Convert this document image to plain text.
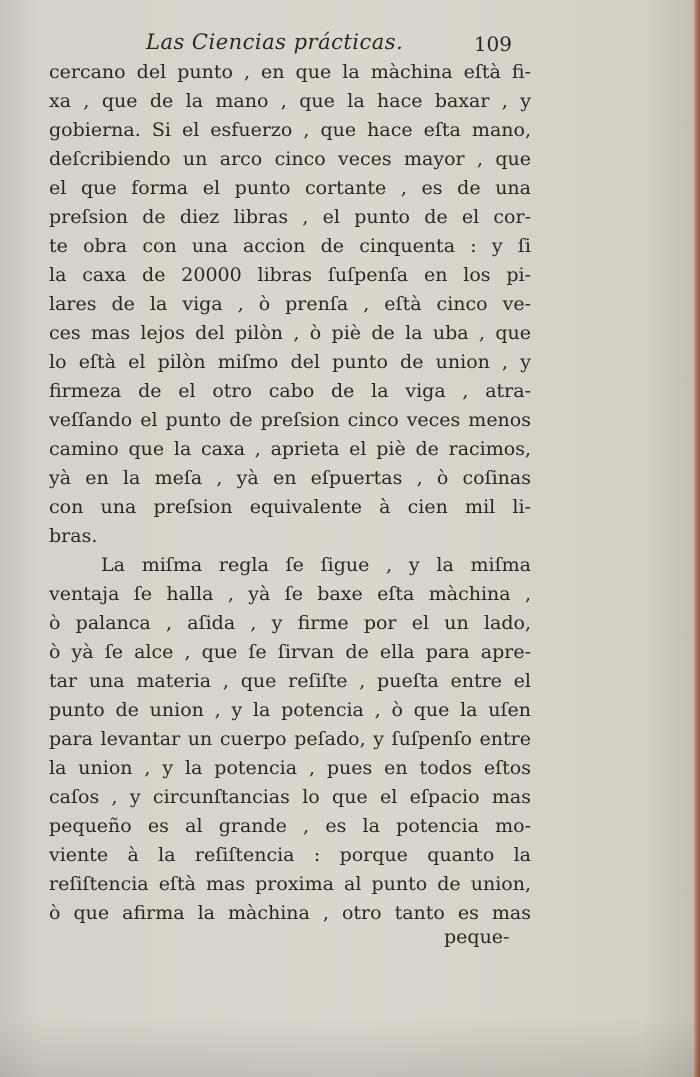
Las Ciencias prácticas.	109
cercano del punto , en que la màchina eſtà fi-
xa , que de la mano , que la hace baxar , y
gobierna. Si el esfuerzo , que hace eſta mano,
deſcribiendo un arco cinco veces mayor , que
el que forma el punto cortante , es de una
preſsion de diez libras , el punto de el cor-
te obra con una accion de cinquenta : y ſi
la caxa de 20000 libras ſuſpenſa en los pi-
lares de la viga , ò prenſa , eſtà cinco ve-
ces mas lejos del pilòn , ò piè de la uba , que
lo eſtà el pilòn miſmo del punto de union , y
firmeza de el otro cabo de la viga , atra-
veſſando el punto de preſsion cinco veces menos
camino que la caxa , aprieta el piè de racimos,
yà en la meſa , yà en eſpuertas , ò coſinas
con una preſsion equivalente à cien mil li-
bras.
La miſma regla ſe ſigue , y la miſma
ventaja ſe halla , yà ſe baxe eſta màchina ,
ò palanca , aſida , y firme por el un lado,
ò yà ſe alce , que ſe ſirvan de ella para apre-
tar una materia , que reſiſte , pueſta entre el
punto de union , y la potencia , ò que la uſen
para levantar un cuerpo peſado, y ſuſpenſo entre
la union , y la potencia , pues en todos eſtos
caſos , y circunſtancias lo que el eſpacio mas
pequeño es al grande , es la potencia mo-
viente à la reſiſtencia : porque quanto la
reſiſtencia eſtà mas proxima al punto de union,
ò que afirma la màchina , otro tanto es mas
peque-
